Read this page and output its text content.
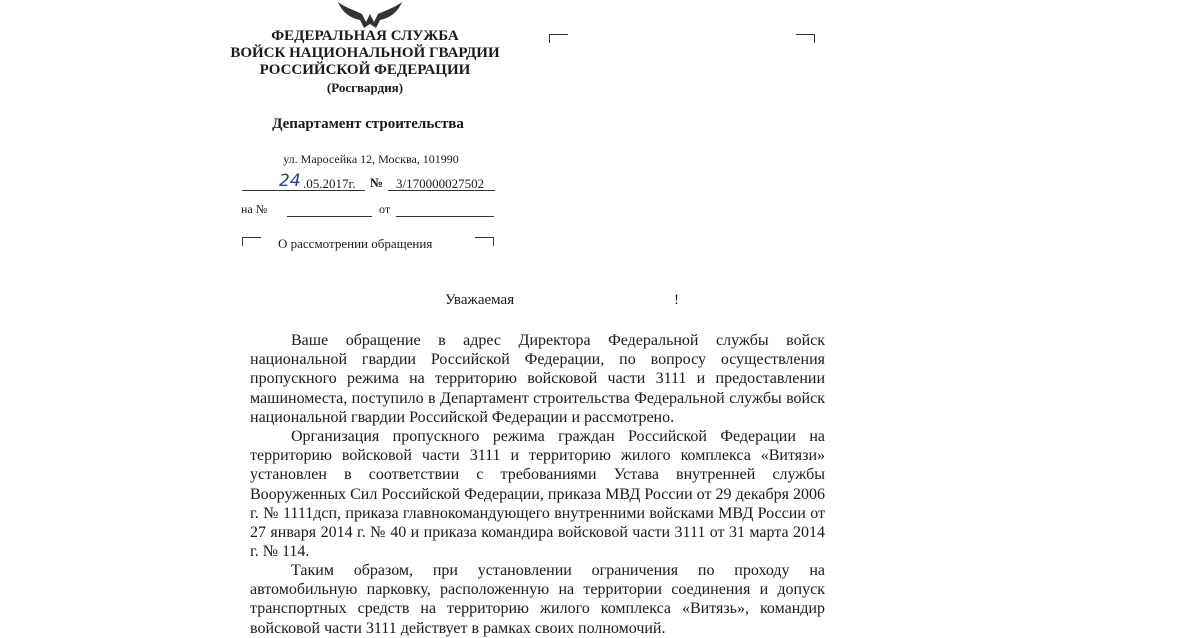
ФЕДЕРАЛЬНАЯ СЛУЖБА
ВОЙСК НАЦИОНАЛЬНОЙ ГВАРДИИ
РОССИЙСКОЙ ФЕДЕРАЦИИ
(Росгвардия)
Департамент строительства
ул. Маросейка 12, Москва, 101990
24 .05.2017г. № 3/170000027502
на №	от
О рассмотрении обращения
Уважаемая	!

Ваше обращение в адрес Директора Федеральной службы войск национальной гвардии Российской Федерации, по вопросу осуществления пропускного режима на территорию войсковой части 3111 и предоставлении машиноместа, поступило в Департамент строительства Федеральной службы войск национальной гвардии Российской Федерации и рассмотрено.

Организация пропускного режима граждан Российской Федерации на территорию войсковой части 3111 и территорию жилого комплекса «Витязи» установлен в соответствии с требованиями Устава внутренней службы Вооруженных Сил Российской Федерации, приказа МВД России от 29 декабря 2006 г. № 1111дсп, приказа главнокомандующего внутренними войсками МВД России от 27 января 2014 г. № 40 и приказа командира войсковой части 3111 от 31 марта 2014 г. № 114.

Таким образом, при установлении ограничения по проходу на автомобильную парковку, расположенную на территории соединения и допуск транспортных средств на территорию жилого комплекса «Витязь», командир войсковой части 3111 действует в рамках своих полномочий.
